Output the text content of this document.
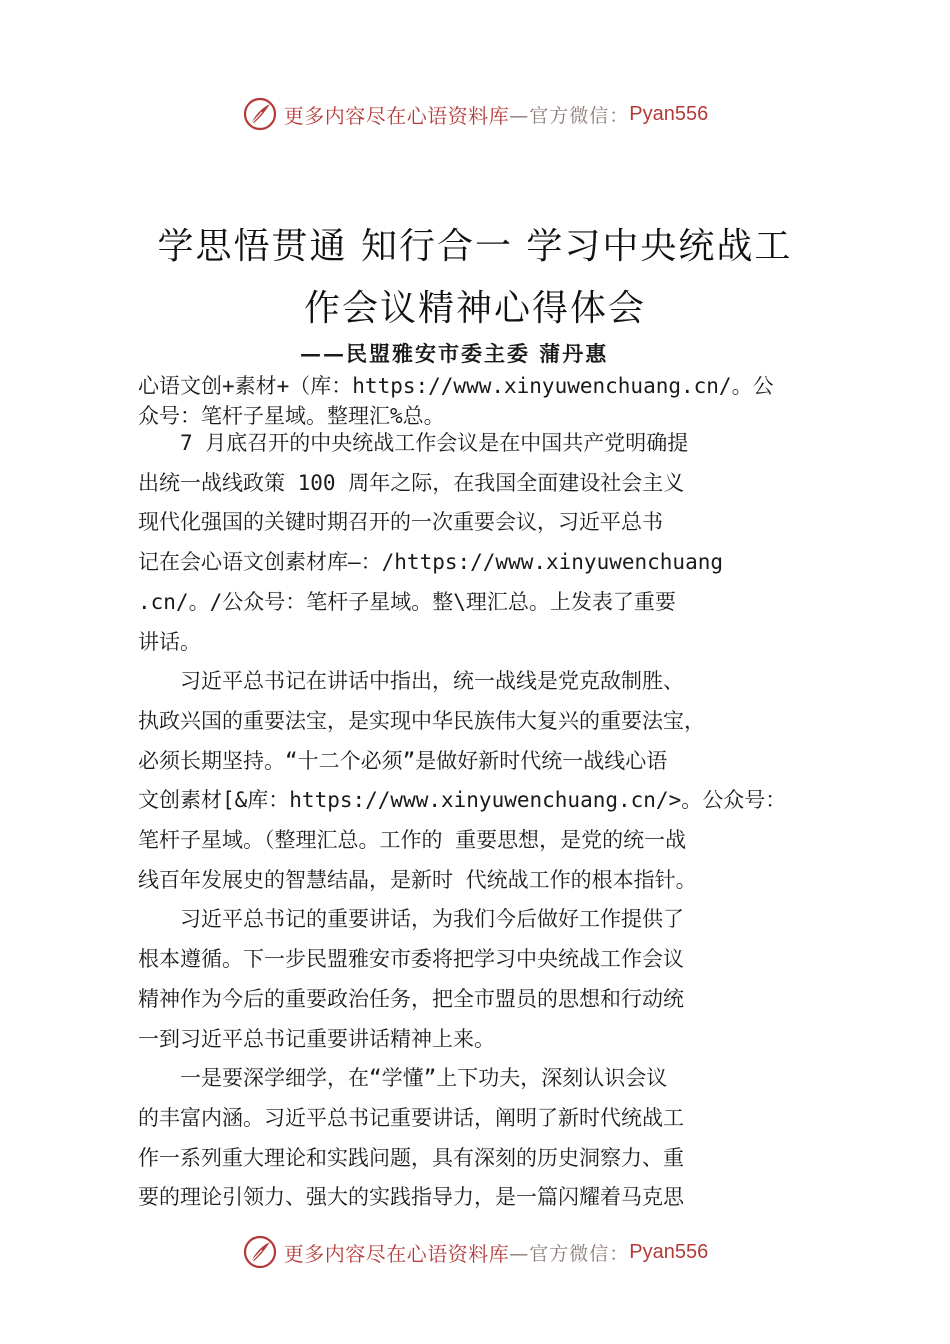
更多内容尽在心语资料库 —官方微信： Pyan556
学思悟贯通 知行合一 学习中央统战工
作会议精神心得体会
——民盟雅安市委主委 蒲丹惠

心语文创+素材+（库：https://www.xinyuwenchuang.cn/。公

众号：笔杆子星域。整理汇%总。

　　7 月底召开的中央统战工作会议是在中国共产党明确提

出统一战线政策 100 周年之际，在我国全面建设社会主义

现代化强国的关键时期召开的一次重要会议，习近平总书

记在会心语文创素材库—：/https://www.xinyuwenchuang

.cn/。/公众号：笔杆子星域。整\理汇总。上发表了重要

讲话。

　　习近平总书记在讲话中指出，统一战线是党克敌制胜、

执政兴国的重要法宝，是实现中华民族伟大复兴的重要法宝，

必须长期坚持。“十二个必须”是做好新时代统一战线心语

文创素材[&库：https://www.xinyuwenchuang.cn/>。公众号：

笔杆子星域。（整理汇总。工作的 重要思想，是党的统一战

线百年发展史的智慧结晶，是新时 代统战工作的根本指针。

　　习近平总书记的重要讲话，为我们今后做好工作提供了

根本遵循。下一步民盟雅安市委将把学习中央统战工作会议

精神作为今后的重要政治任务，把全市盟员的思想和行动统

一到习近平总书记重要讲话精神上来。

　　一是要深学细学，在“学懂”上下功夫，深刻认识会议

的丰富内涵。习近平总书记重要讲话，阐明了新时代统战工

作一系列重大理论和实践问题，具有深刻的历史洞察力、重

要的理论引领力、强大的实践指导力，是一篇闪耀着马克思

更多内容尽在心语资料库 —官方微信： Pyan556
